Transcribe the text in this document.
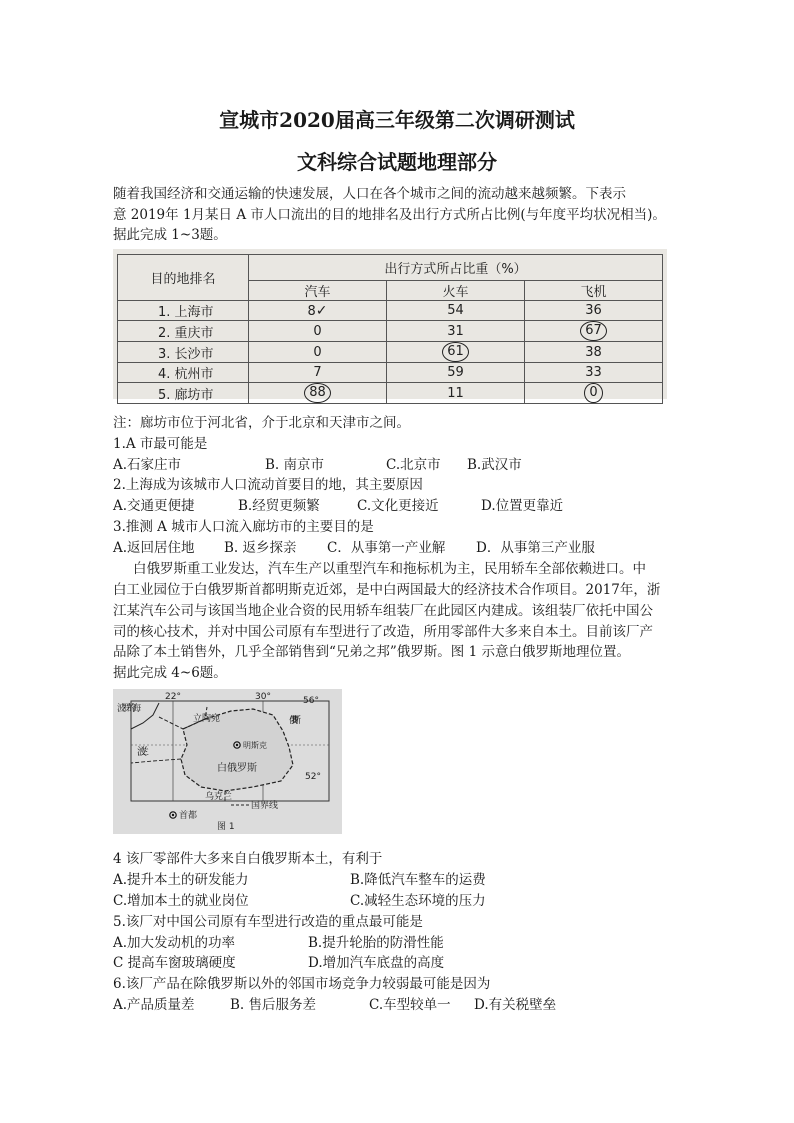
宣城市2020届高三年级第二次调研测试
文科综合试题地理部分
随着我国经济和交通运输的快速发展，人口在各个城市之间的流动越来越频繁。下表示
意 2019年 1月某日 A 市人口流出的目的地排名及出行方式所占比例(与年度平均状况相当)。
据此完成 1~3题。
目的地排名	出行方式所占比重（%）		
	汽车	火车	飞机
1. 上海市	8✓	54	36
2. 重庆市	0	31	67
3. 长沙市	0	61	38
4. 杭州市	7	59	33
5. 廊坊市	88	11	0
注：廊坊市位于河北省，介于北京和天津市之间。
1.A 市最可能是
A.石家庄市	B. 南京市	C.北京市 B.武汉市
2.上海成为该城市人口流动首要目的地，其主要原因
A.交通更便捷	B.经贸更频繁	C.文化更接近	D.位置更靠近
3.推测 A 城市人口流入廊坊市的主要目的是
A.返回居住地 B. 返乡探亲 C．从事第一产业解 D．从事第三产业服
白俄罗斯重工业发达，汽车生产以重型汽车和拖标机为主，民用轿车全部依赖进口。中
白工业园位于白俄罗斯首都明斯克近郊，是中白两国最大的经济技术合作项目。2017年，浙
江某汽车公司与该国当地企业合资的民用轿车组装厂在此园区内建成。该组装厂依托中国公
司的核心技术，并对中国公司原有车型进行了改造，所用零部件大多来自本土。目前该厂产
品除了本土销售外，几乎全部销售到“兄弟之邦”俄罗斯。图 1 示意白俄罗斯地理位置。
据此完成 4~6题。
22°	30°	56°
52°
波罗的海
立陶宛	俄罗斯
波兰
明斯克
白俄罗斯
乌克兰
国界线
首都
图 1
4 该厂零部件大多来自白俄罗斯本土，有利于
A.提升本土的研发能力	B.降低汽车整车的运费
C.增加本土的就业岗位	C.减轻生态环境的压力
5.该厂对中国公司原有车型进行改造的重点最可能是
A.加大发动机的功率	B.提升轮胎的防滑性能
C 提高车窗玻璃硬度	D.增加汽车底盘的高度
6.该厂产品在除俄罗斯以外的邻国市场竞争力较弱最可能是因为
A.产品质量差	B. 售后服务差	C.车型较单一 D.有关税壁垒
